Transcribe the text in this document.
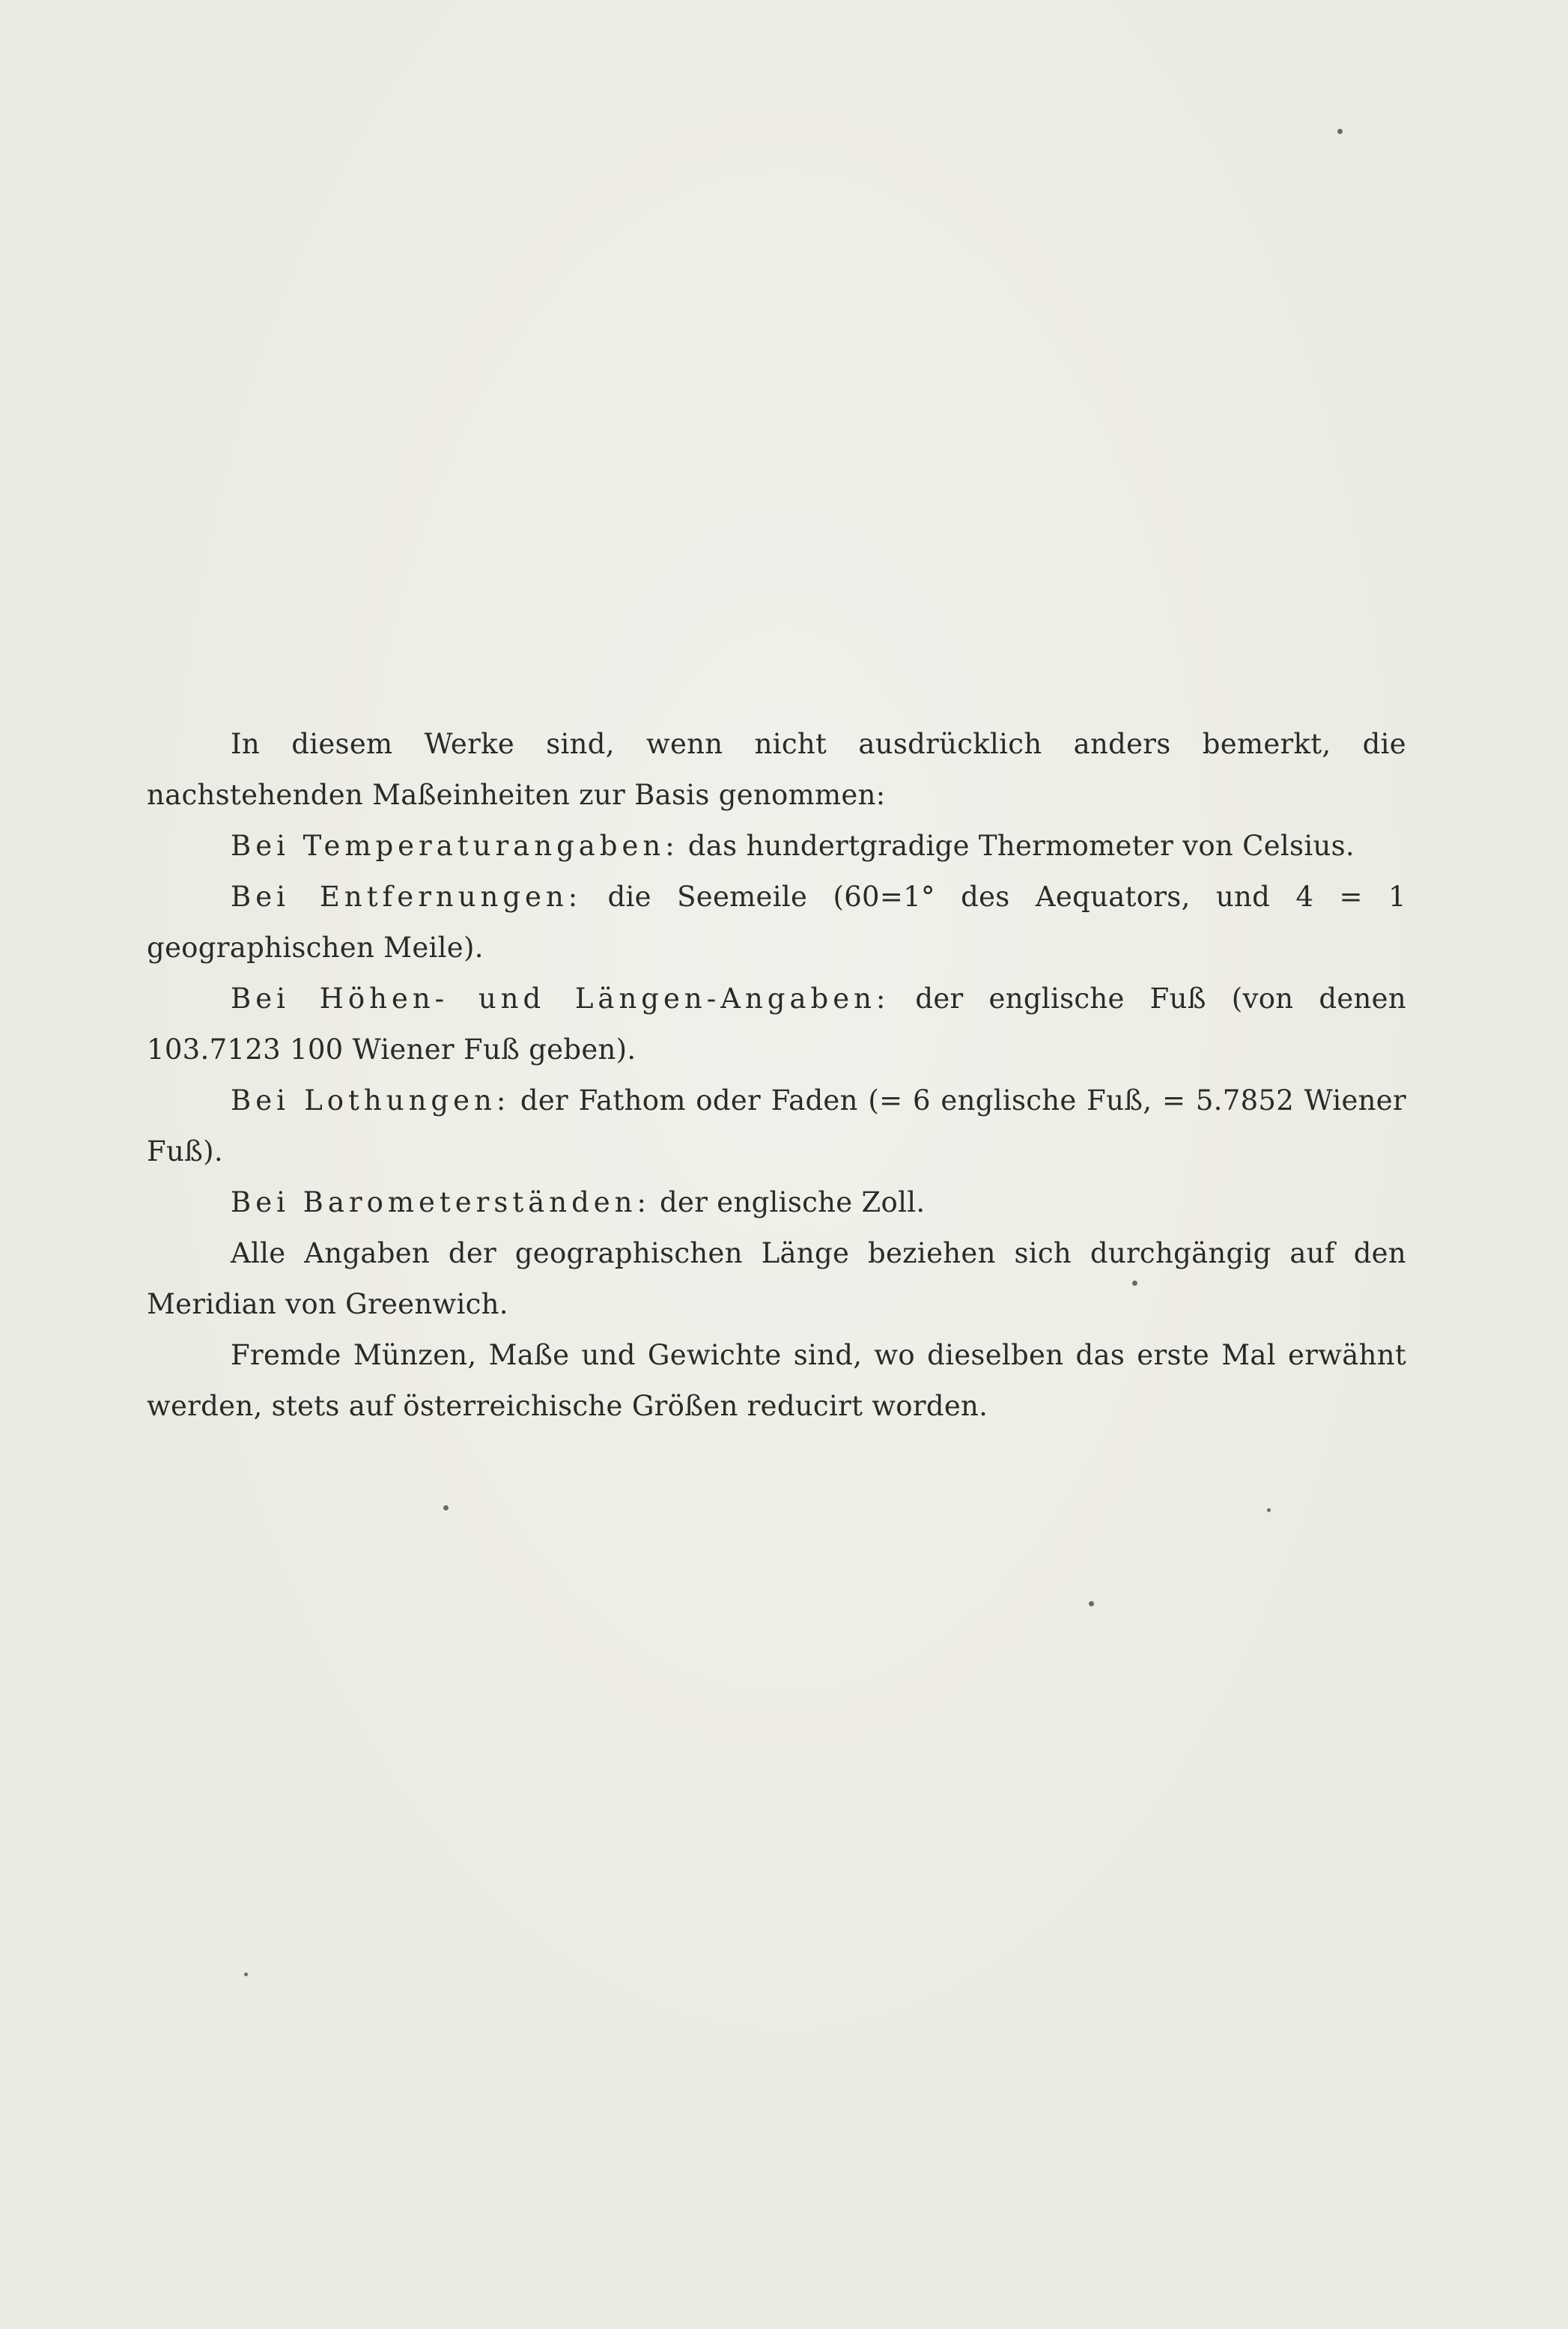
In diesem Werke sind, wenn nicht ausdrücklich anders bemerkt, die nachstehenden Maßeinheiten zur Basis genommen:

Bei Temperaturangaben: das hundertgradige Thermometer von Celsius.

Bei Entfernungen: die Seemeile (60=1° des Aequators, und 4 = 1 geographischen Meile).

Bei Höhen- und Längen-Angaben: der englische Fuß (von denen 103.7123 100 Wiener Fuß geben).

Bei Lothungen: der Fathom oder Faden (= 6 englische Fuß, = 5.7852 Wiener Fuß).

Bei Barometerständen: der englische Zoll.

Alle Angaben der geographischen Länge beziehen sich durchgängig auf den Meridian von Greenwich.

Fremde Münzen, Maße und Gewichte sind, wo dieselben das erste Mal erwähnt werden, stets auf österreichische Größen reducirt worden.
